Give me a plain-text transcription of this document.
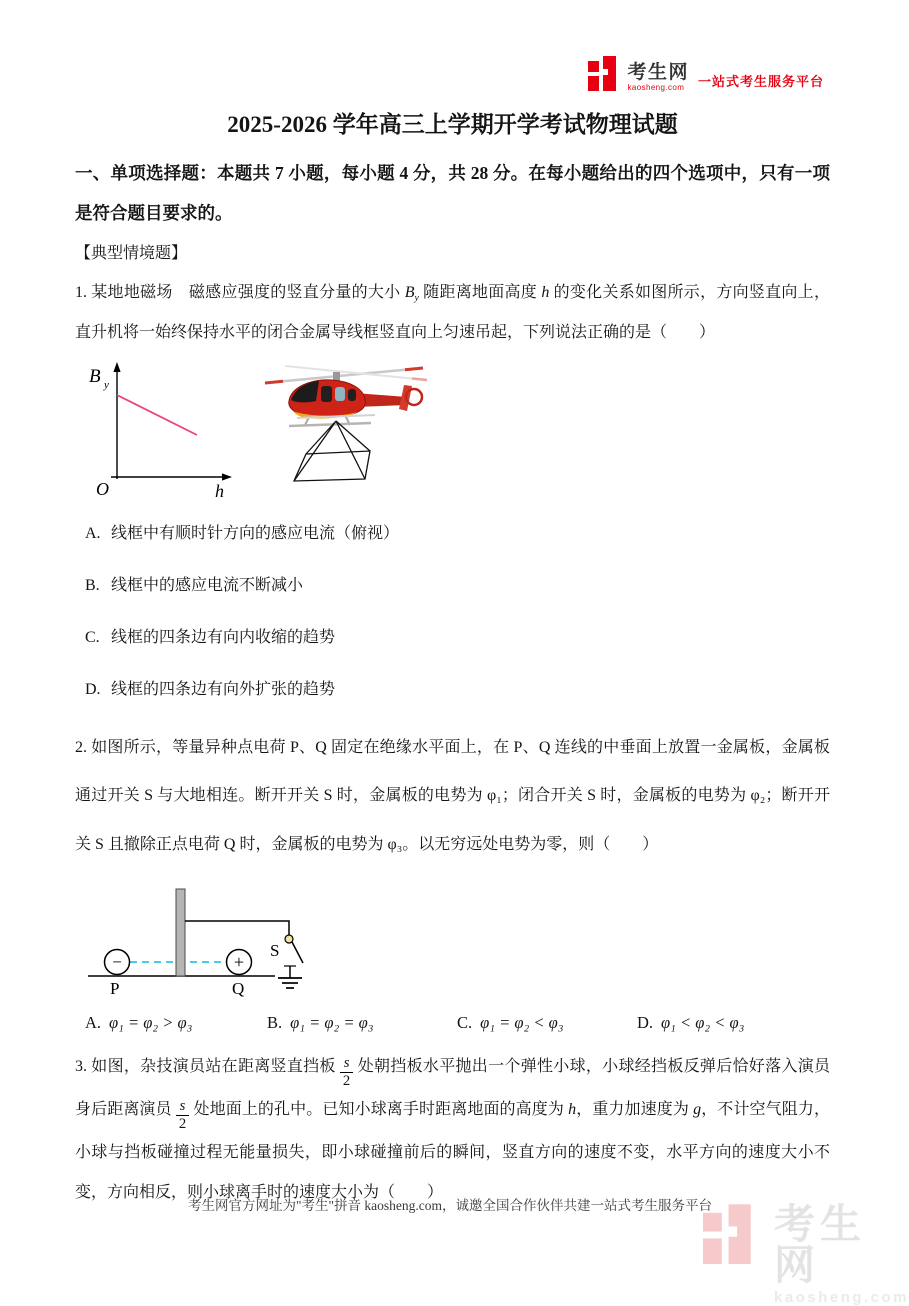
考生网
kaosheng.com	一站式考生服务平台
2025-2026 学年高三上学期开学考试物理试题

一、单项选择题：本题共 7 小题，每小题 4 分，共 28 分。在每小题给出的四个选项中，只有一项是符合题目要求的。

【典型情境题】

1. 某地地磁场　磁感应强度的竖直分量的大小 $B_y$ 随距离地面高度 h 的变化关系如图所示，方向竖直向上，直升机将一始终保持水平的闭合金属导线框竖直向上匀速吊起，下列说法正确的是（　　）

B y
O	h

A. 线框中有顺时针方向的感应电流（俯视）

B. 线框中的感应电流不断减小

C. 线框的四条边有向内收缩的趋势

D. 线框的四条边有向外扩张的趋势

2. 如图所示，等量异种点电荷 P、Q 固定在绝缘水平面上，在 P、Q 连线的中垂面上放置一金属板，金属板通过开关 S 与大地相连。断开开关 S 时，金属板的电势为 φ₁；闭合开关 S 时，金属板的电势为 φ₂；断开开关 S 且撤除正点电荷 Q 时，金属板的电势为 φ₃。以无穷远处电势为零，则（　　）

−	+
P	Q
S
A. φ₁ = φ₂ > φ₃	B. φ₁ = φ₂ = φ₃	C. φ₁ = φ₂ < φ₃	D. φ₁ < φ₂ < φ₃

3. 如图，杂技演员站在距离竖直挡板 $\frac{s}{2}$ 处朝挡板水平抛出一个弹性小球，小球经挡板反弹后恰好落入演员身后距离演员 $\frac{s}{2}$ 处地面上的孔中。已知小球离手时距离地面的高度为 h，重力加速度为 g，不计空气阻力，小球与挡板碰撞过程无能量损失，即小球碰撞前后的瞬间，竖直方向的速度不变，水平方向的速度大小不变，方向相反，则小球离手时的速度大小为（　　）

考生网官方网址为"考生"拼音 kaosheng.com，诚邀全国合作伙伴共建一站式考生服务平台	考生网
kaosheng.com
